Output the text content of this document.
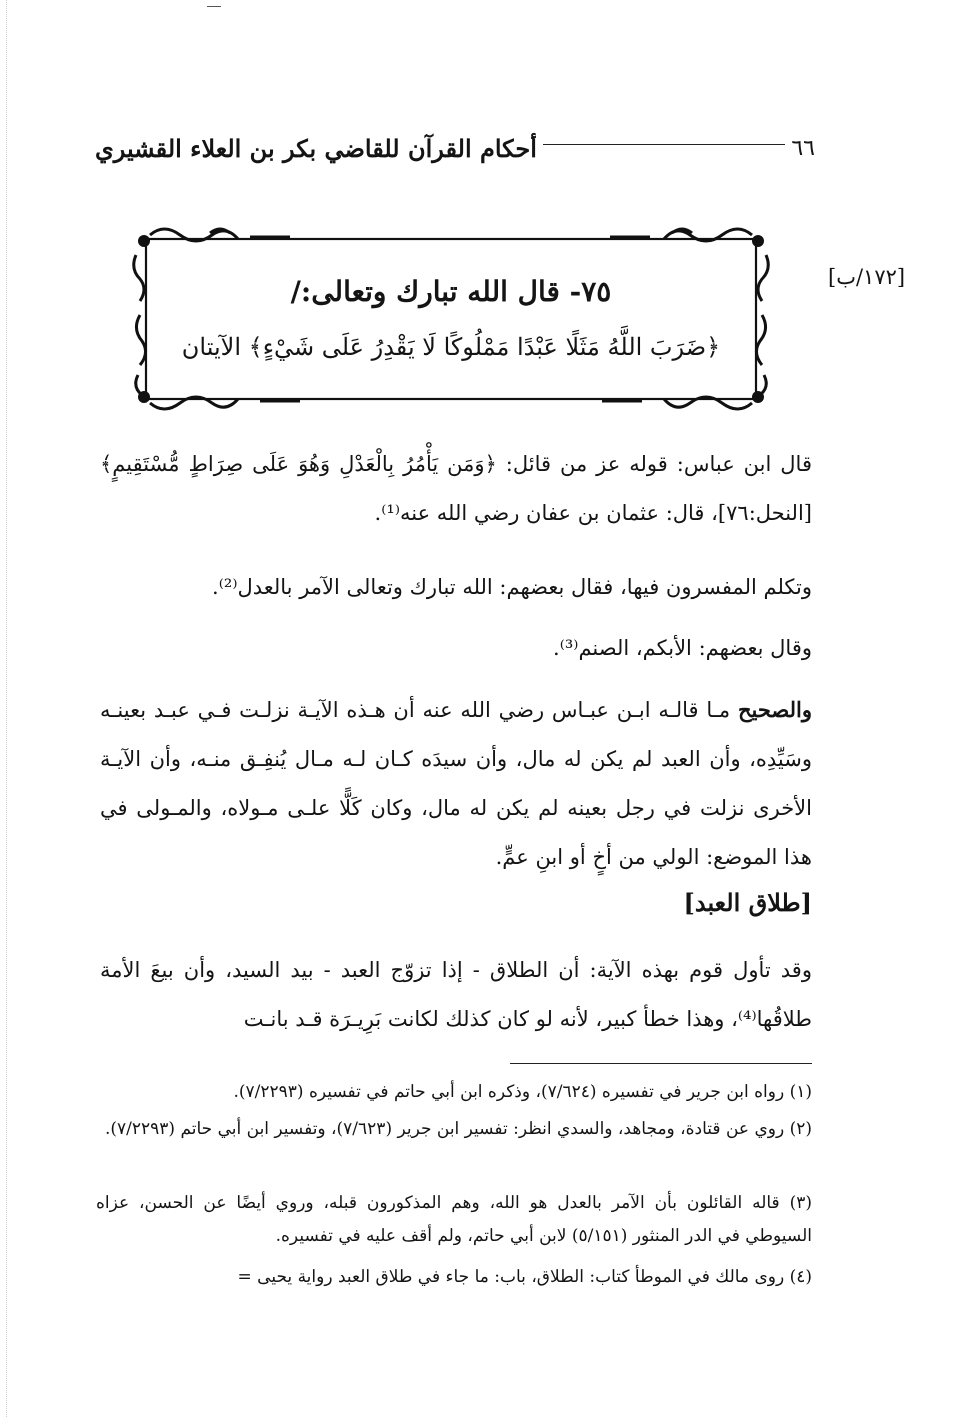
٦٦
أحكام القرآن للقاضي بكر بن العلاء القشيري
٧٥- قال الله تبارك وتعالى:/
﴿ضَرَبَ اللَّهُ مَثَلًا عَبْدًا مَمْلُوكًا لَا يَقْدِرُ عَلَى شَيْءٍ﴾ الآيتان
[١٧٢/ب]

قال ابن عباس: قوله عز من قائل: ﴿وَمَن يَأْمُرُ بِالْعَدْلِ وَهُوَ عَلَى صِرَاطٍ مُّسْتَقِيمٍ﴾ [النحل:٧٦]، قال: عثمان بن عفان رضي الله عنه⁽¹⁾.

وتكلم المفسرون فيها، فقال بعضهم: الله تبارك وتعالى الآمر بالعدل⁽²⁾.

وقال بعضهم: الأبكم، الصنم⁽³⁾.

والصحيح مـا قالـه ابـن عبـاس رضي الله عنه أن هـذه الآيـة نزلـت فـي عبـد بعينـه وسَيِّدِه، وأن العبد لم يكن له مال، وأن سيدَه كـان لـه مـال يُنفِـق منـه، وأن الآيـة الأخرى نزلت في رجل بعينه لم يكن له مال، وكان كَلًّا علـى مـولاه، والمـولى في هذا الموضع: الولي من أخٍ أو ابنِ عمٍّ.

[طلاق العبد]

وقد تأول قوم بهذه الآية: أن الطلاق - إذا تزوّج العبد - بيد السيد، وأن بيعَ الأمة طلاقُها⁽⁴⁾، وهذا خطأ كبير، لأنه لو كان كذلك لكانت بَرِيـرَة قـد بانـت

(١) رواه ابن جرير في تفسيره (٧/٦٢٤)، وذكره ابن أبي حاتم في تفسيره (٧/٢٢٩٣).

(٢) روي عن قتادة، ومجاهد، والسدي انظر: تفسير ابن جرير (٧/٦٢٣)، وتفسير ابن أبي حاتم (٧/٢٢٩٣).

(٣) قاله القائلون بأن الآمر بالعدل هو الله، وهم المذكورون قبله، وروي أيضًا عن الحسن، عزاه السيوطي في الدر المنثور (٥/١٥١) لابن أبي حاتم، ولم أقف عليه في تفسيره.

(٤) روى مالك في الموطأ كتاب: الطلاق، باب: ما جاء في طلاق العبد رواية يحيى =
